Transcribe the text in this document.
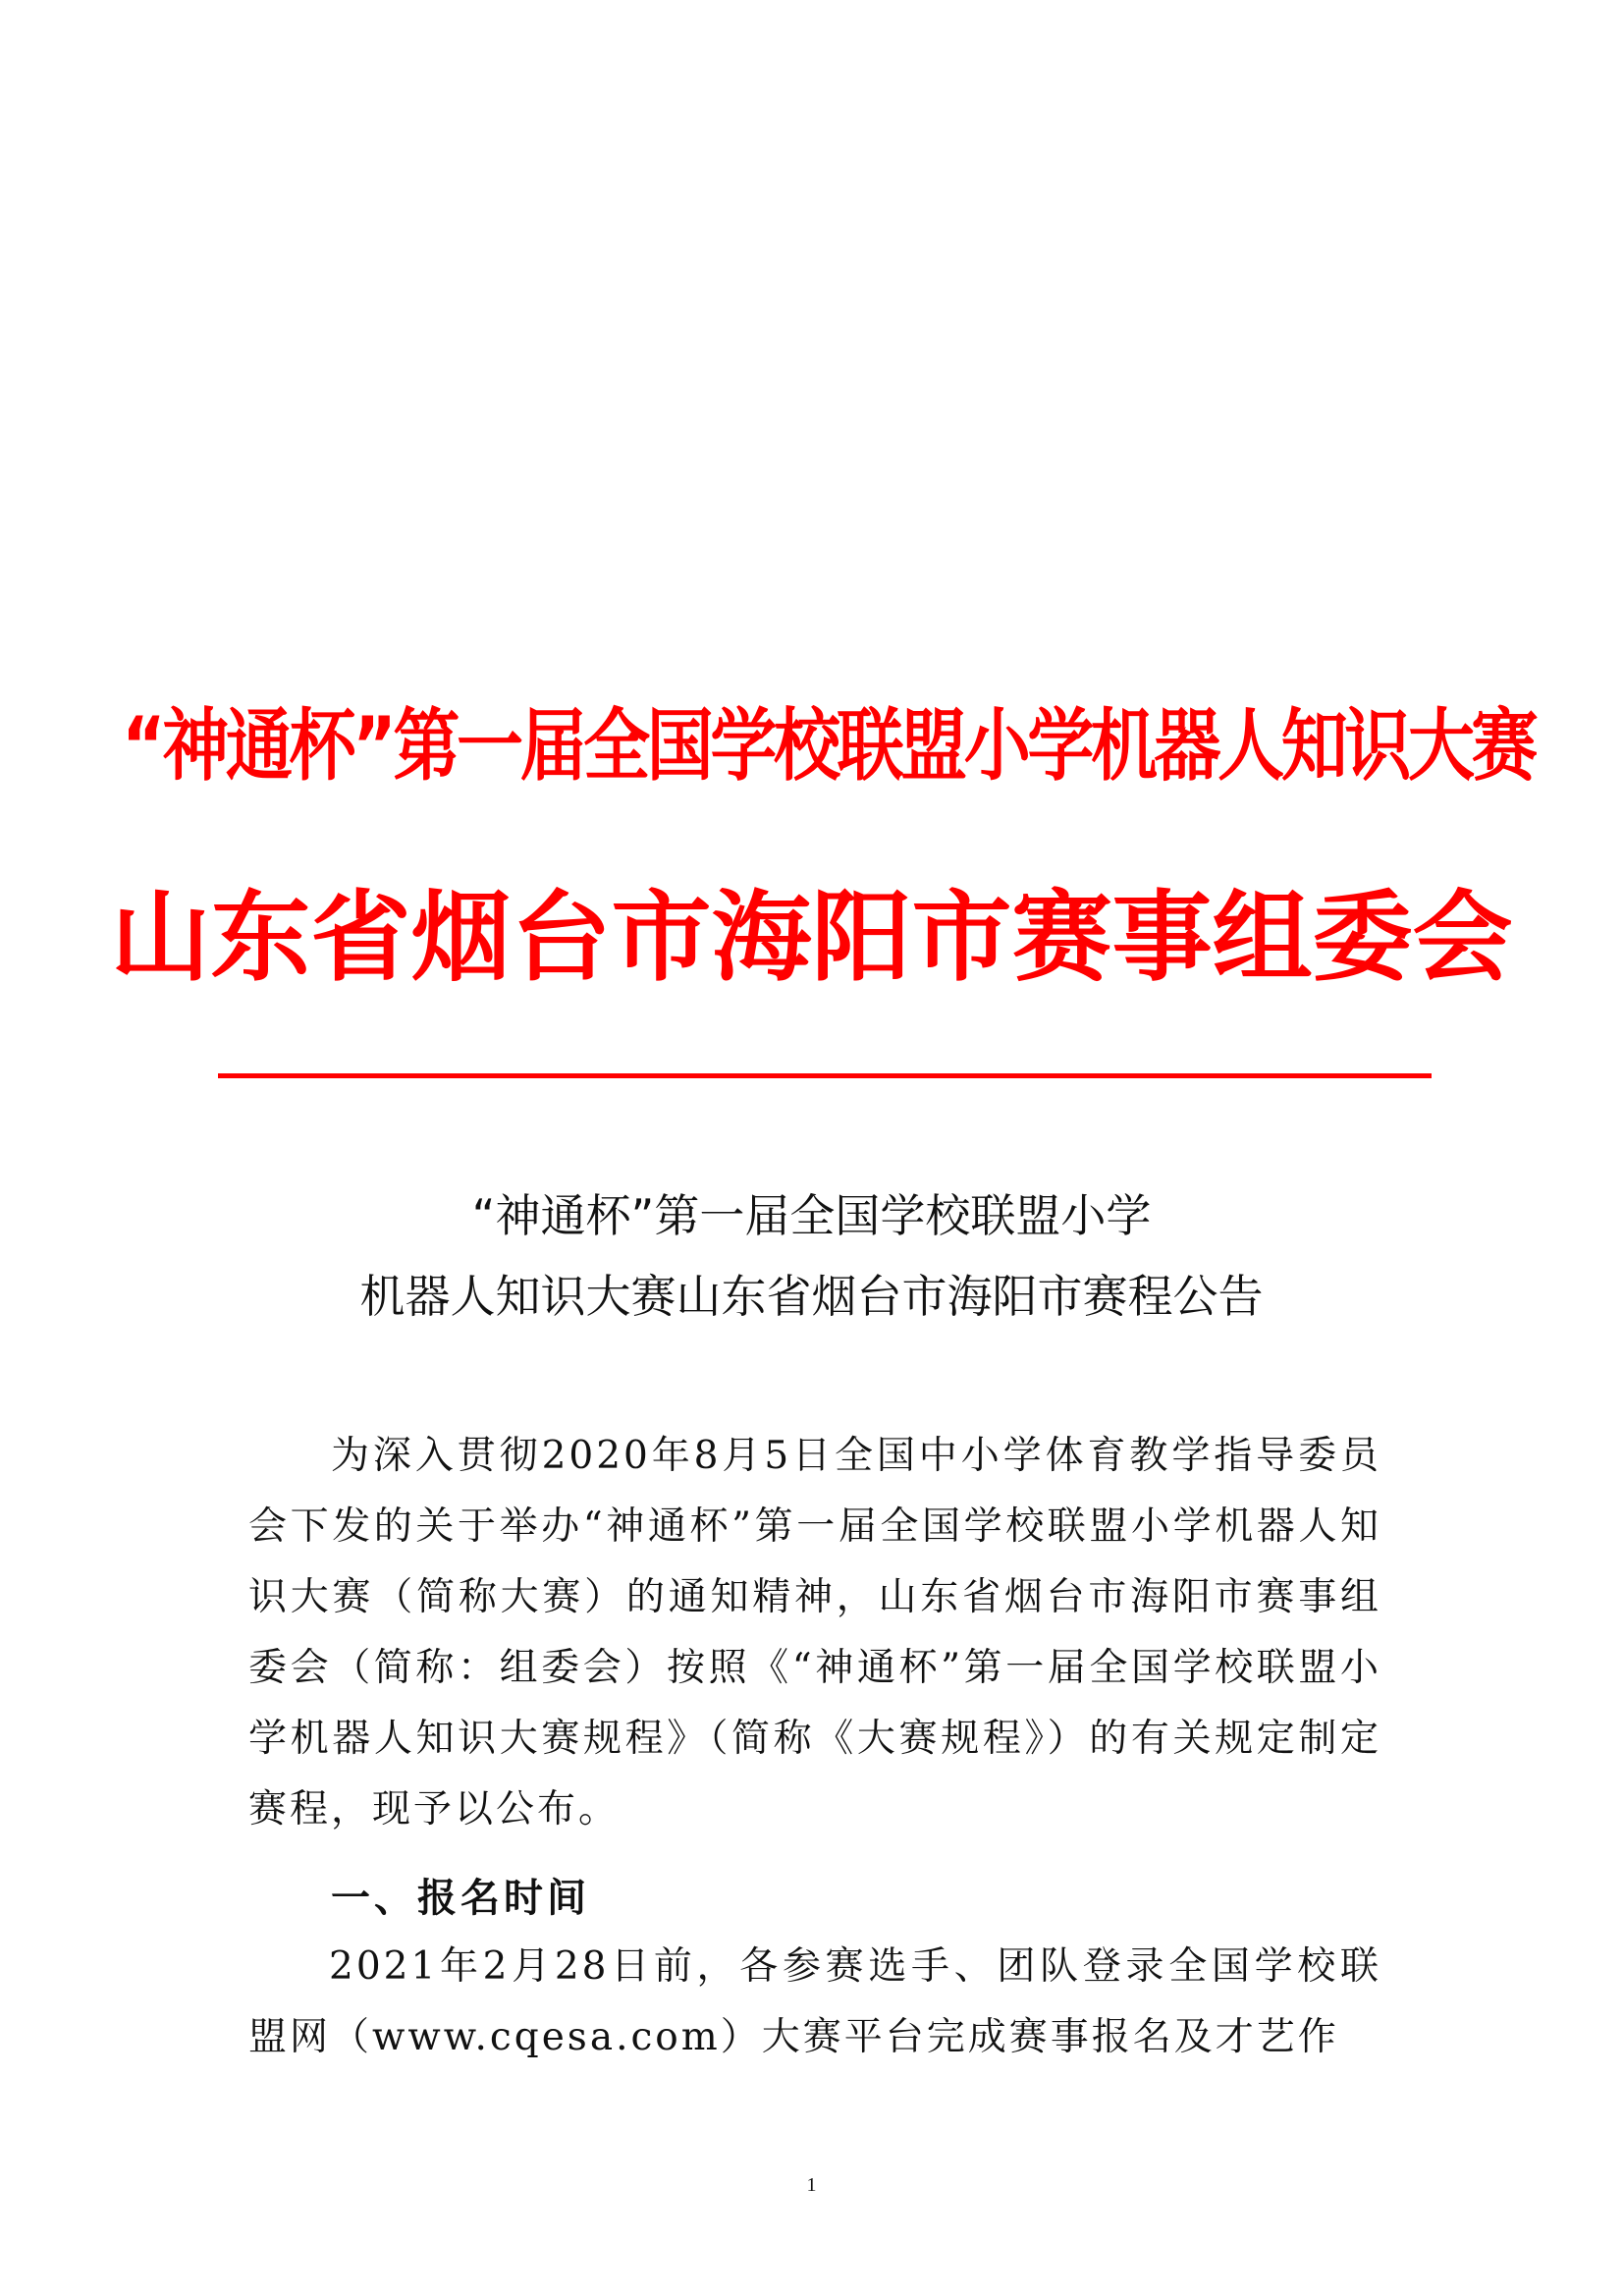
“神通杯”第一届全国学校联盟小学机器人知识大赛
山东省烟台市海阳市赛事组委会
“神通杯”第一届全国学校联盟小学
机器人知识大赛山东省烟台市海阳市赛程公告
为深入贯彻2020年8月5日全国中小学体育教学指导委员会下发的关于举办“神通杯”第一届全国学校联盟小学机器人知识大赛（简称大赛）的通知精神，山东省烟台市海阳市赛事组委会（简称：组委会）按照《“神通杯”第一届全国学校联盟小学机器人知识大赛规程》（简称《大赛规程》）的有关规定制定赛程，现予以公布。
一、报名时间
2021年2月28日前，各参赛选手、团队登录全国学校联盟网（www.cqesa.com）大赛平台完成赛事报名及才艺作
1
